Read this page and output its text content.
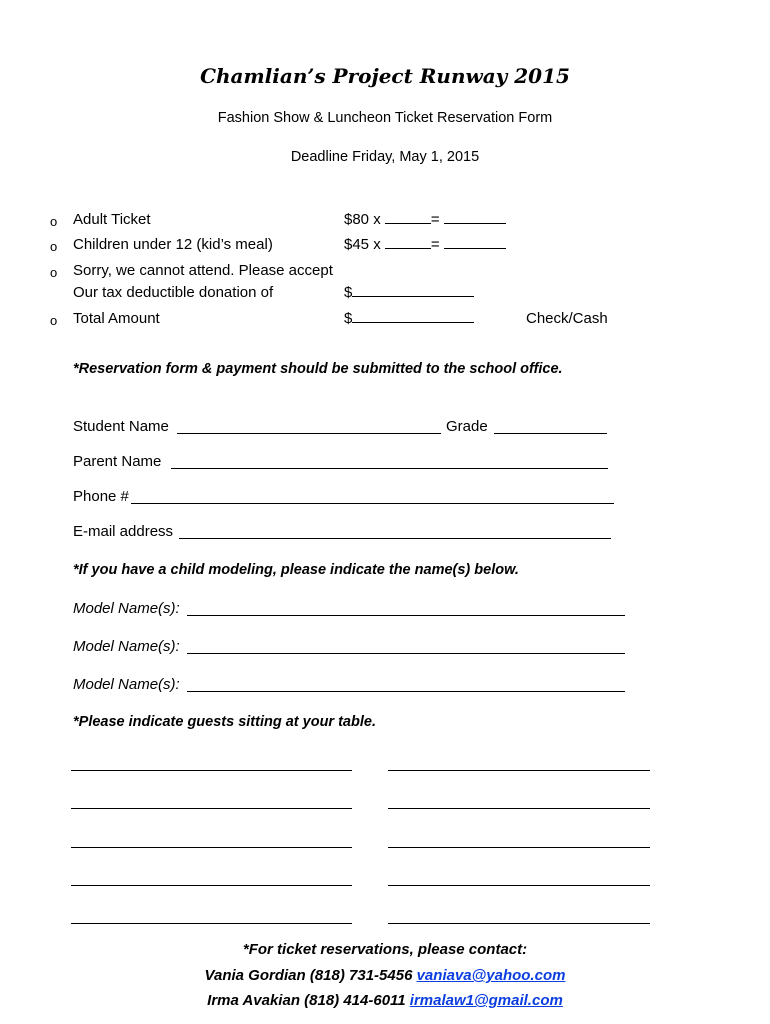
Chamlian’s Project Runway 2015
Fashion Show & Luncheon Ticket Reservation Form
Deadline Friday, May 1, 2015
o Adult Ticket	$80 x	=
o Children under 12 (kid’s meal)	$45 x	=
o Sorry, we cannot attend. Please accept
Our tax deductible donation of	$
o Total Amount	$	Check/Cash
*Reservation form & payment should be submitted to the school office.
Student Name	Grade
Parent Name
Phone #
E-mail address
*If you have a child modeling, please indicate the name(s) below.
Model Name(s):
Model Name(s):
Model Name(s):
*Please indicate guests sitting at your table.
*For ticket reservations, please contact:
Vania Gordian (818) 731-5456 vaniava@yahoo.com
Irma Avakian (818) 414-6011 irmalaw1@gmail.com
